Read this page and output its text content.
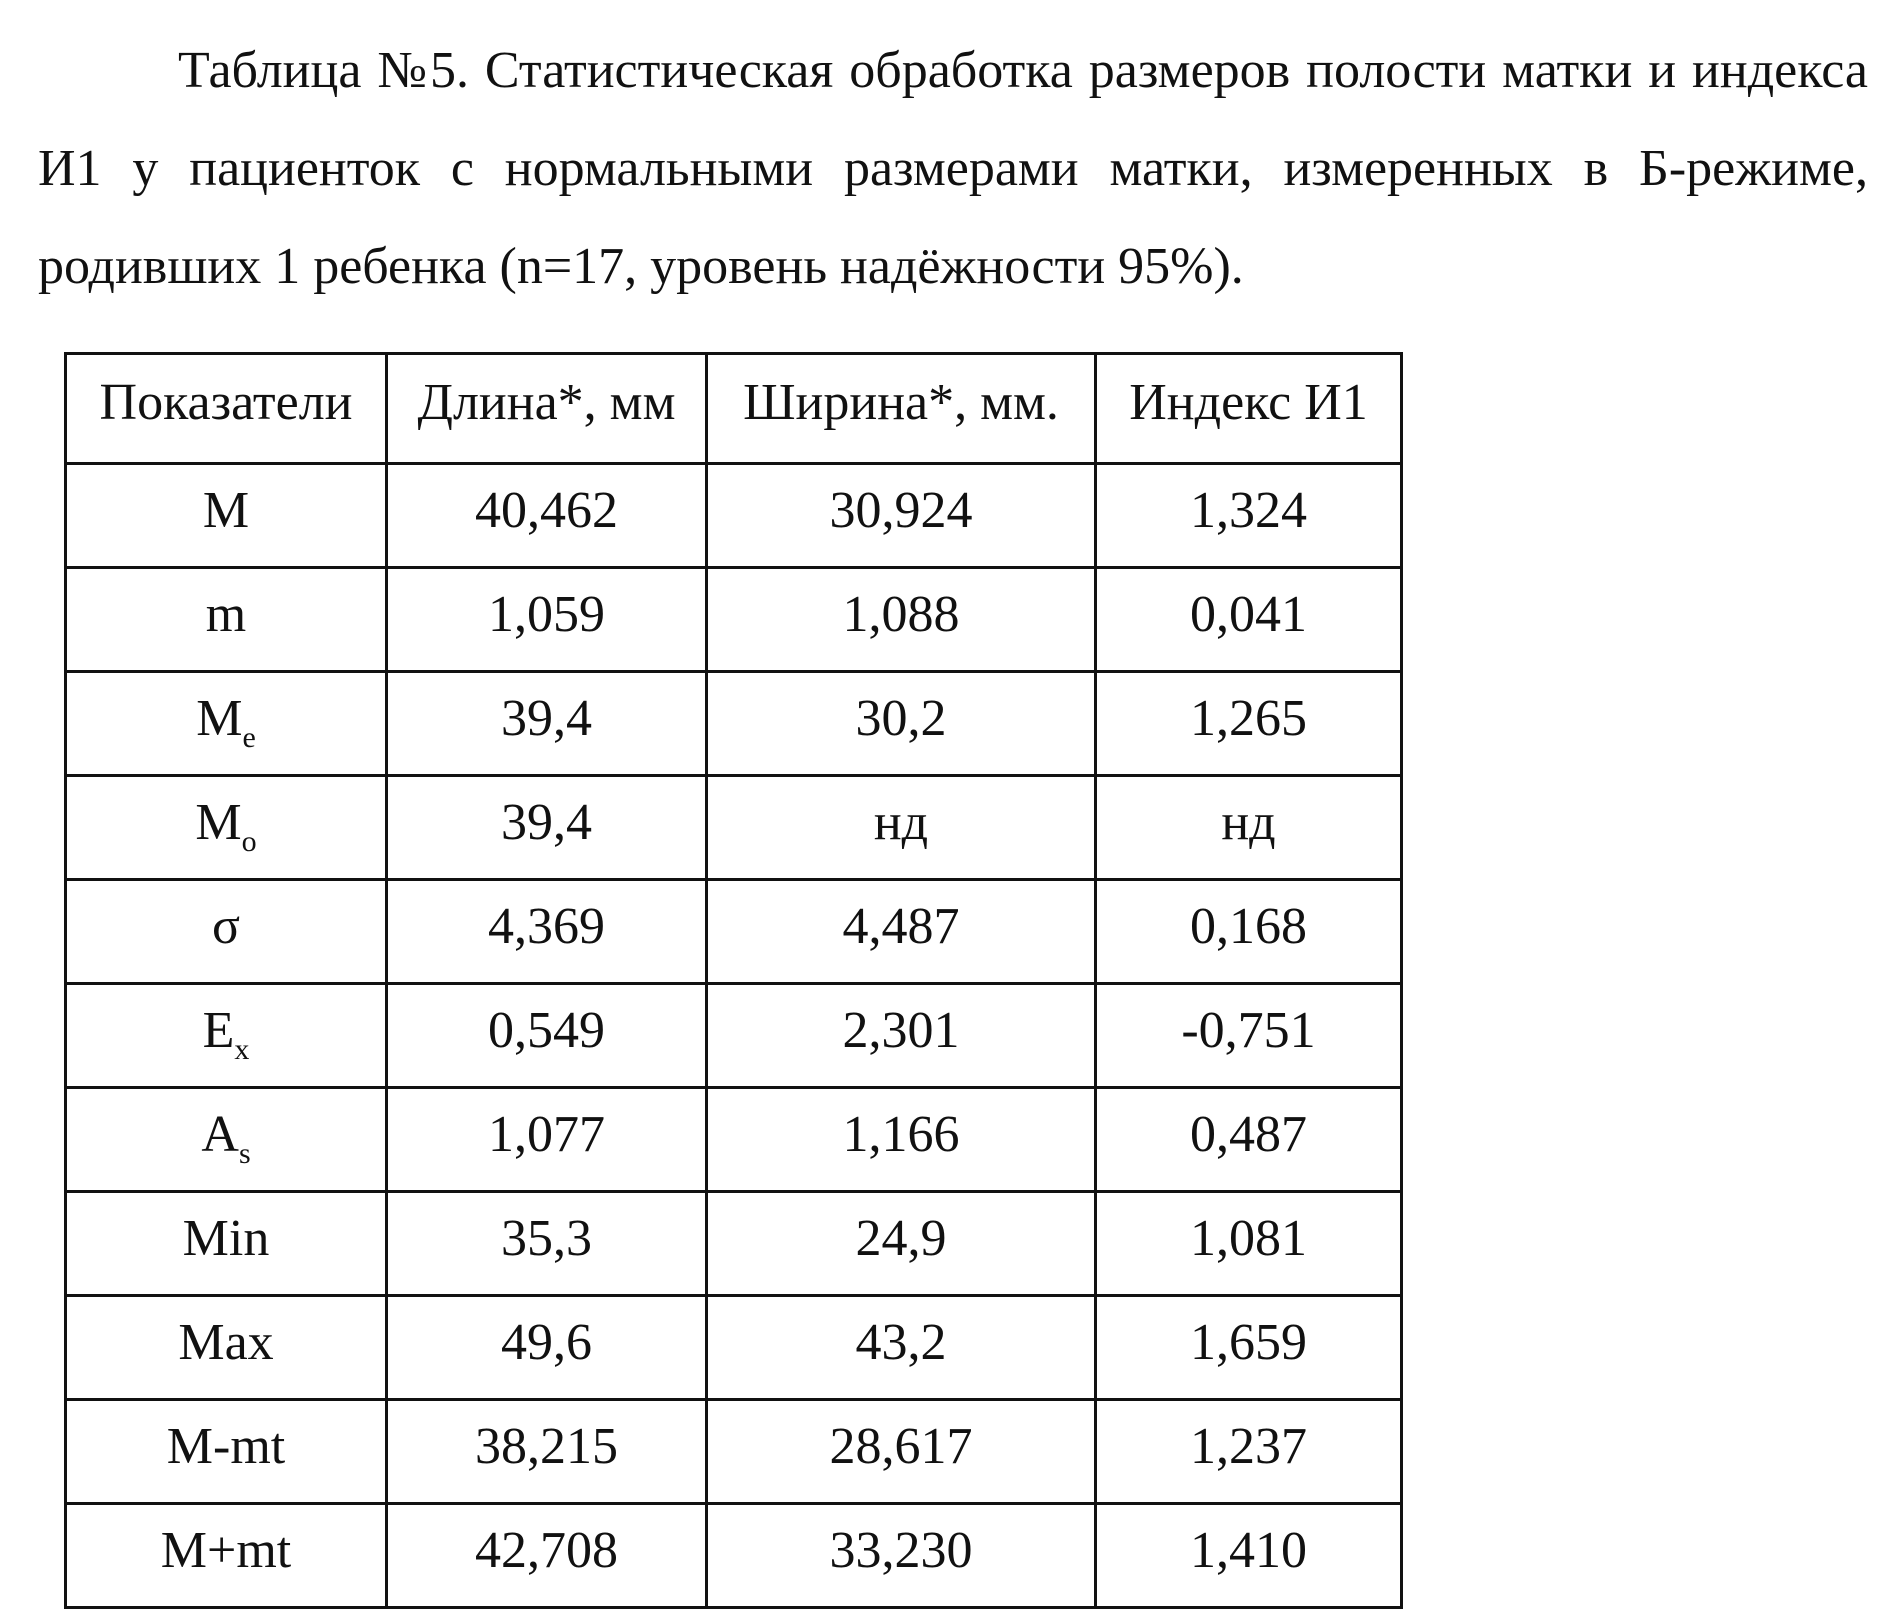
Таблица №5. Статистическая обработка размеров полости матки и индекса И1 у пациенток с нормальными размерами матки, измеренных в Б-режиме, родивших 1 ребенка (n=17, уровень надёжности 95%).

Показатели	Длина*, мм	Ширина*, мм.	Индекс И1
M	40,462	30,924	1,324
m	1,059	1,088	0,041
$M_e$	39,4	30,2	1,265
$M_o$	39,4	нд	нд
σ	4,369	4,487	0,168
$E_x$	0,549	2,301	-0,751
$A_s$	1,077	1,166	0,487
Min	35,3	24,9	1,081
Max	49,6	43,2	1,659
M-mt	38,215	28,617	1,237
M+mt	42,708	33,230	1,410
